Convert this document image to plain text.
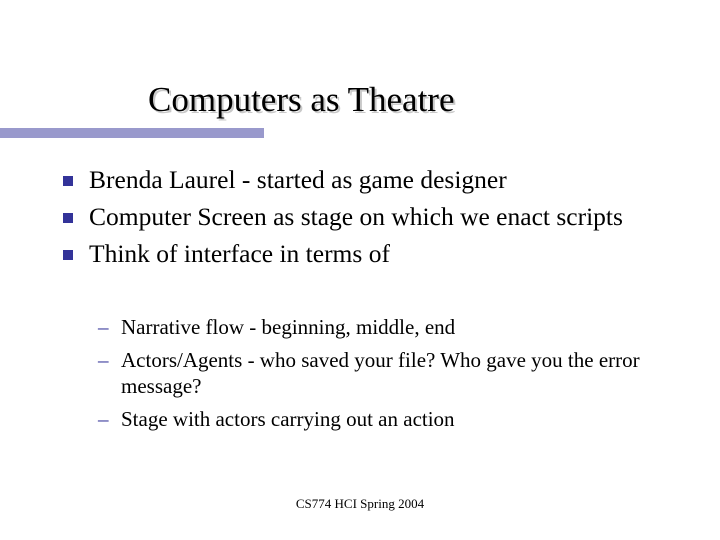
Computers as Theatre
Brenda Laurel - started as game designer
Computer Screen as stage on which we enact scripts
Think of interface in terms of
– Narrative flow - beginning, middle, end
– Actors/Agents - who saved your file? Who gave you the error message?
– Stage with actors carrying out an action
CS774 HCI Spring 2004
